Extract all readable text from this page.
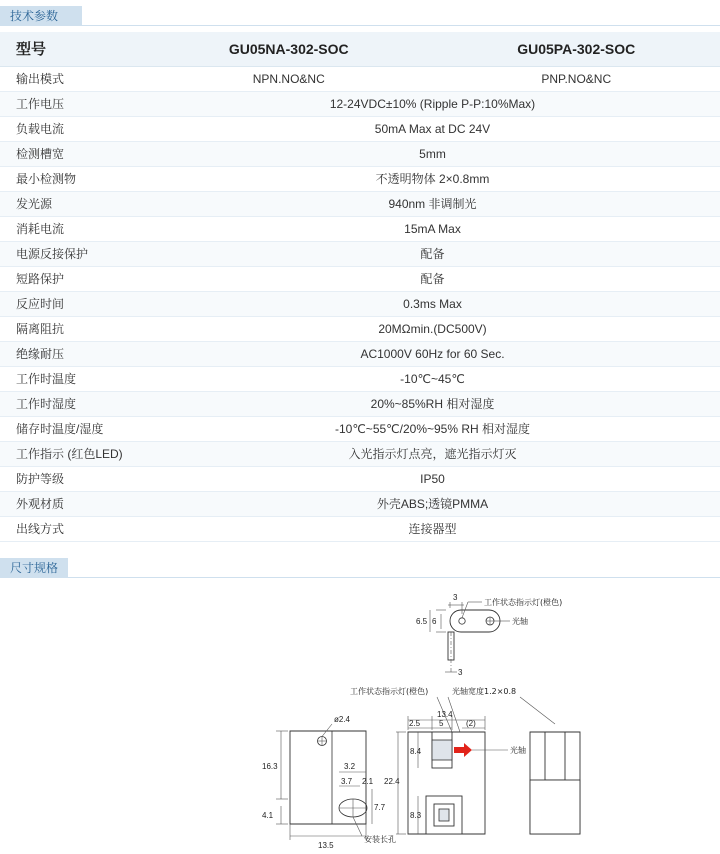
技术参数
型号	GU05NA-302-SOC	GU05PA-302-SOC
输出模式	NPN.NO&NC	PNP.NO&NC
工作电压	12-24VDC±10% (Ripple P-P:10%Max)	
负载电流	50mA Max at DC 24V	
检测槽宽	5mm	
最小检测物	不透明物体 2×0.8mm	
发光源	940nm 非调制光	
消耗电流	15mA Max	
电源反接保护	配备	
短路保护	配备	
反应时间	0.3ms Max	
隔离阻抗	20MΩmin.(DC500V)	
绝缘耐压	AC1000V 60Hz for 60 Sec.	
工作时温度	-10℃~45℃	
工作时湿度	20%~85%RH 相对湿度	
储存时温度/湿度	-10℃~55℃/20%~95% RH 相对湿度	
工作指示 (红色LED)	入光指示灯点亮，遮光指示灯灭	
防护等级	IP50	
外观材质	外壳ABS;透镜PMMA	
出线方式	连接器型	
尺寸规格
工作状态指示灯(橙色)
光轴
6.5 6
3
3
工作状态指示灯(橙色)	光轴宽度1.2×0.8
ø2.4
安装长孔
16.3
4.1
13.5
3.2
3.7 2.1
7.7
光轴
13.4
2.5 5	(2)
8.4
22.4
8.3
